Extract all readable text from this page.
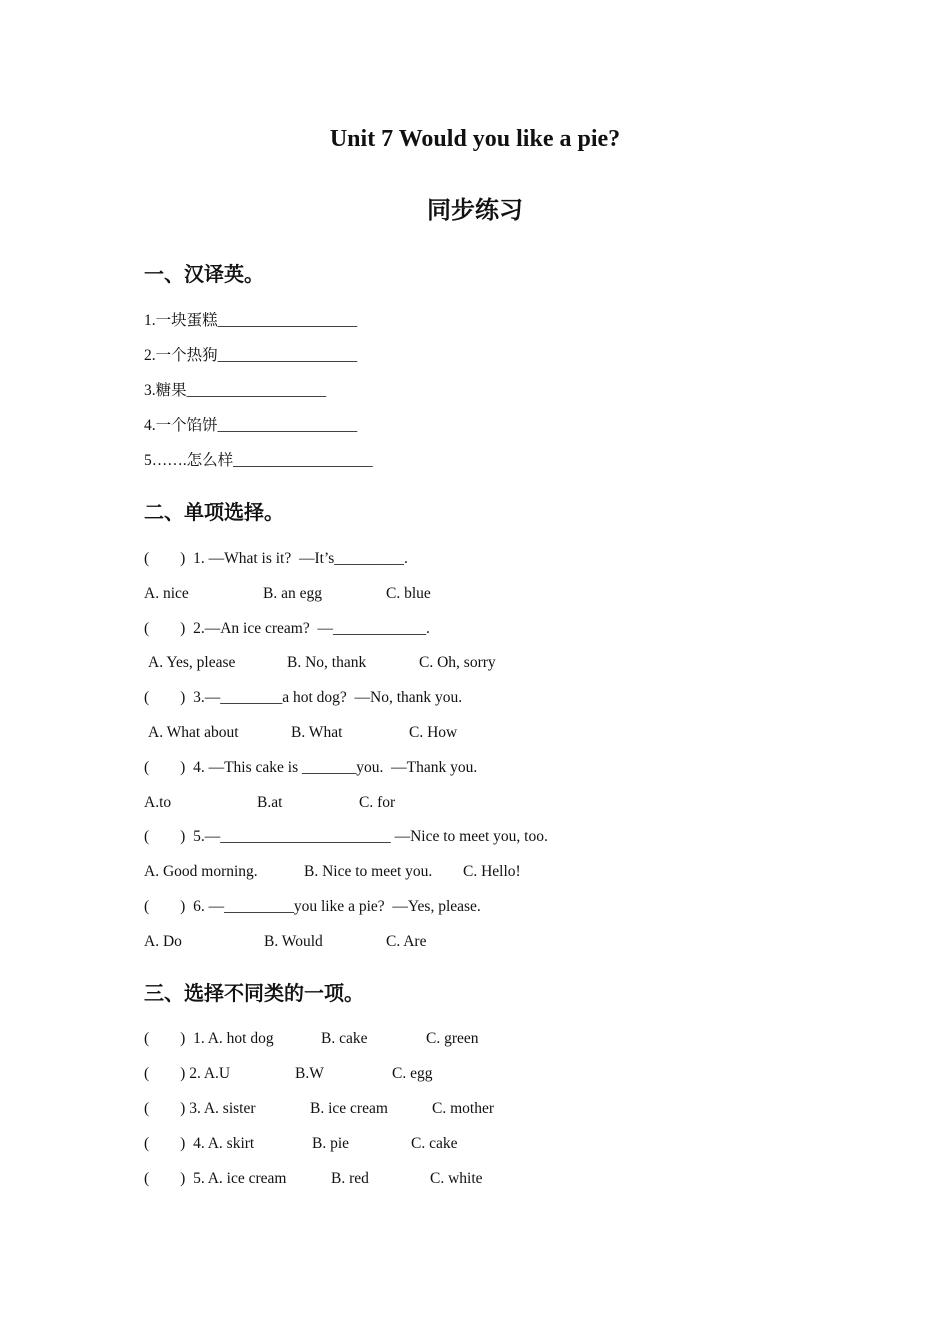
Unit 7 Would you like a pie?
同步练习
一、汉译英。
1.一块蛋糕__________________
2.一个热狗__________________
3.糖果__________________
4.一个馅饼__________________
5…….怎么样__________________
二、单项选择。
(        )  1. —What is it?  —It’s_________.
A. nice	B. an egg	C. blue
(        )  2.—An ice cream?  —____________.
A. Yes, please	B. No, thank	C. Oh, sorry
(        )  3.—________a hot dog?  —No, thank you.
A. What about	B. What	C. How
(        )  4. —This cake is _______you.  —Thank you.
A.to	B.at	C. for
(        )  5.—______________________ —Nice to meet you, too.
A. Good morning.	B. Nice to meet you. C. Hello!
(        )  6. —_________you like a pie?  —Yes, please.
A. Do	B. Would	C. Are
三、选择不同类的一项。
(        )  1. A. hot dog	B. cake	C. green
(        ) 2. A.U	B.W	C. egg
(        ) 3. A. sister	B. ice cream	C. mother
(        )  4. A. skirt	B. pie	C. cake
(        )  5. A. ice cream	B. red	C. white
